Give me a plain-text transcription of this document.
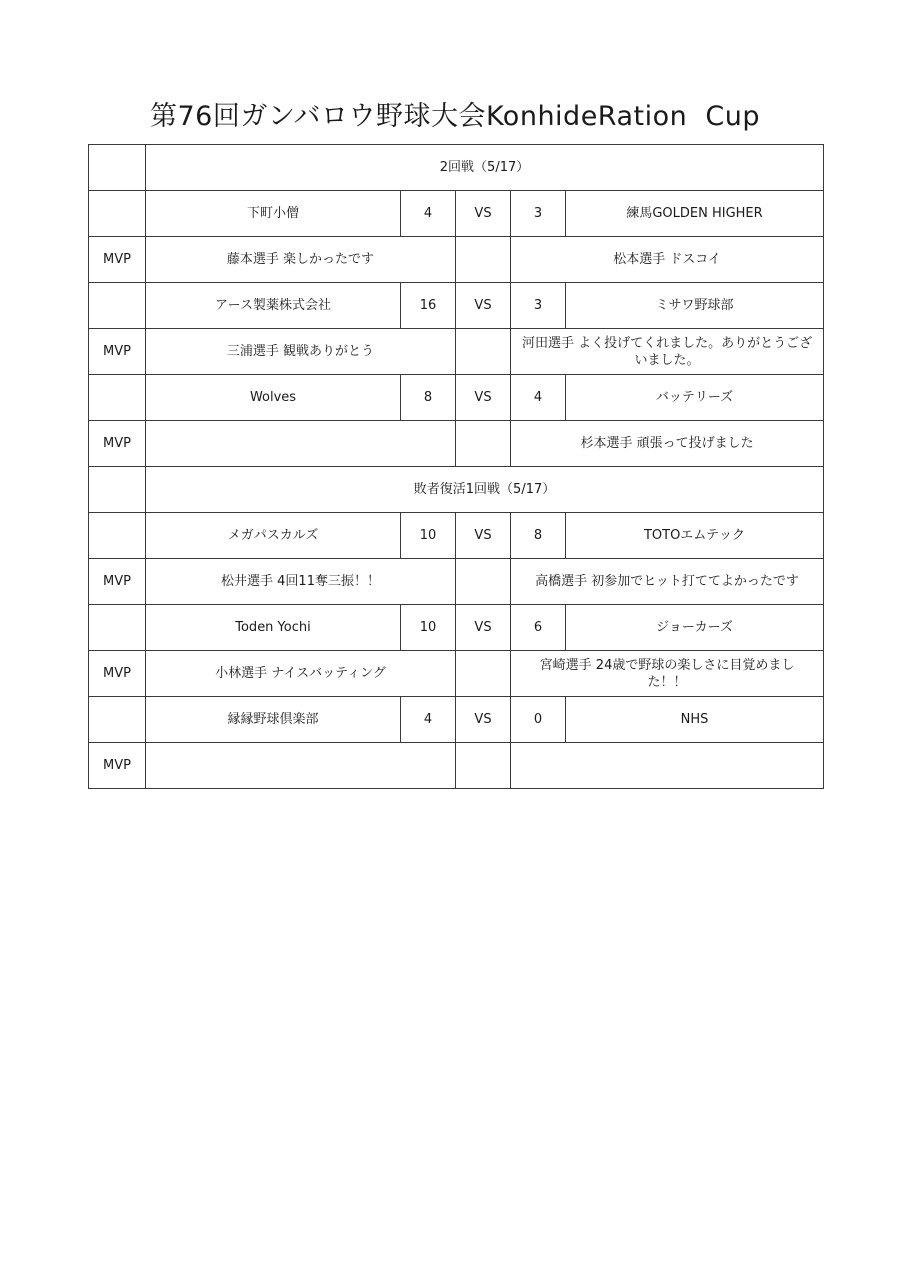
第76回ガンバロウ野球大会KonhideRation  Cup
	2回戦（5/17）				
	下町小僧	4	VS	3	練馬GOLDEN HIGHER
MVP	藤本選手 楽しかったです			松本選手 ドスコイ	
	アース製薬株式会社	16	VS	3	ミサワ野球部
MVP	三浦選手 観戦ありがとう			河田選手 よく投げてくれました。ありがとうござ
いました。	
	Wolves	8	VS	4	バッテリーズ
MVP				杉本選手 頑張って投げました	
	敗者復活1回戦（5/17）				
	メガパスカルズ	10	VS	8	TOTOエムテック
MVP	松井選手 4回11奪三振！！			高橋選手 初参加でヒット打ててよかったです	
	Toden Yochi	10	VS	6	ジョーカーズ
MVP	小林選手 ナイスバッティング			宮崎選手 24歳で野球の楽しさに目覚めまし
た！！	
	縁縁野球倶楽部	4	VS	0	NHS
MVP					
